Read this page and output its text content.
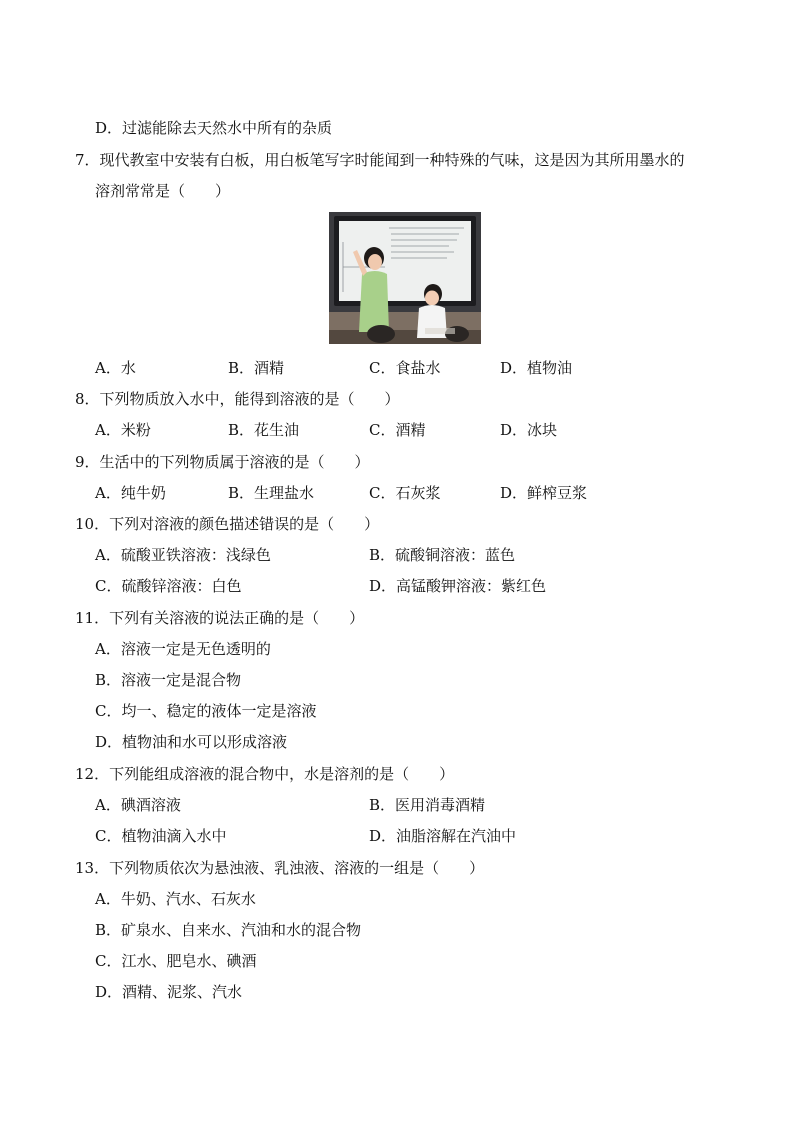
D．过滤能除去天然水中所有的杂质
7．现代教室中安装有白板，用白板笔写字时能闻到一种特殊的气味，这是因为其所用墨水的
溶剂常常是（　　）
A．水	B．酒精	C．食盐水	D．植物油
8．下列物质放入水中，能得到溶液的是（　　）
A．米粉	B．花生油	C．酒精	D．冰块
9．生活中的下列物质属于溶液的是（　　）
A．纯牛奶	B．生理盐水	C．石灰浆	D．鲜榨豆浆
10．下列对溶液的颜色描述错误的是（　　）
A．硫酸亚铁溶液：浅绿色	B．硫酸铜溶液：蓝色
C．硫酸锌溶液：白色	D．高锰酸钾溶液：紫红色
11．下列有关溶液的说法正确的是（　　）
A．溶液一定是无色透明的
B．溶液一定是混合物
C．均一、稳定的液体一定是溶液
D．植物油和水可以形成溶液
12．下列能组成溶液的混合物中，水是溶剂的是（　　）
A．碘酒溶液	B．医用消毒酒精
C．植物油滴入水中	D．油脂溶解在汽油中
13．下列物质依次为悬浊液、乳浊液、溶液的一组是（　　）
A．牛奶、汽水、石灰水
B．矿泉水、自来水、汽油和水的混合物
C．江水、肥皂水、碘酒
D．酒精、泥浆、汽水
